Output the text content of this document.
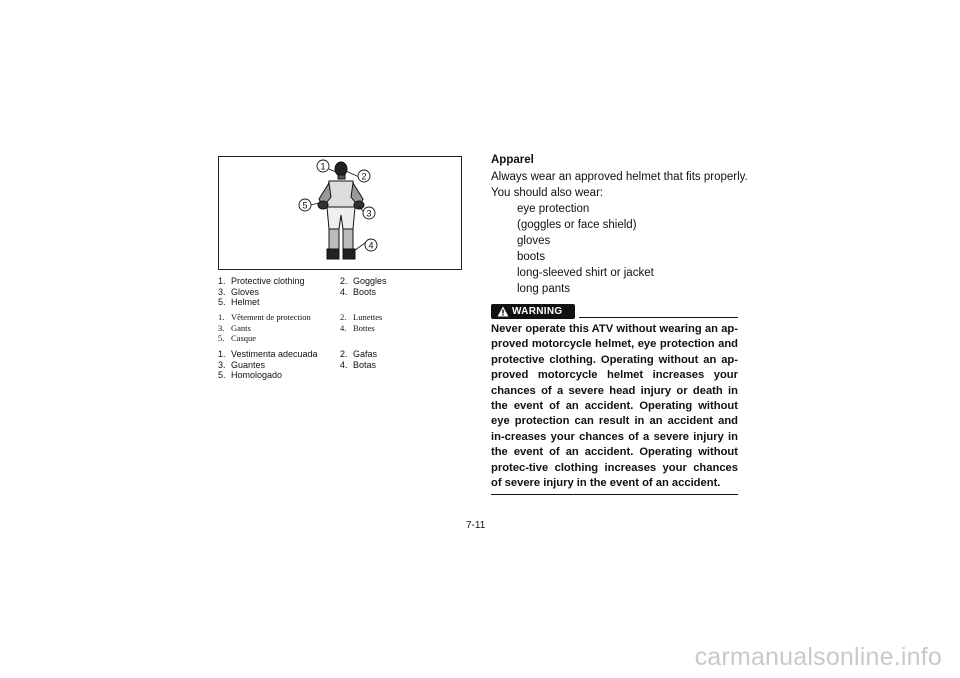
1
2
3
4
5
1.Protective clothing	2.Goggles
3.Gloves	4.Boots
5.Helmet
1.Vêtement de protection	2.Lunettes
3.Gants	4.Bottes
5.Casque
1.Vestimenta adecuada 2.Gafas
3.Guantes	4.Botas
5.Homologado

Apparel

Always wear an approved helmet that fits properly.

You should also wear:

eye protection
(goggles or face shield)
gloves
boots
long-sleeved shirt or jacket
long pants
WARNING
Never operate this ATV without wearing an ap-proved motorcycle helmet, eye protection and protective clothing. Operating without an ap-proved motorcycle helmet increases your chances of a severe head injury or death in the event of an accident. Operating without eye protection can result in an accident and in-creases your chances of a severe injury in the event of an accident. Operating without protec-tive clothing increases your chances of severe injury in the event of an accident.
7-11
carmanualsonline.info
